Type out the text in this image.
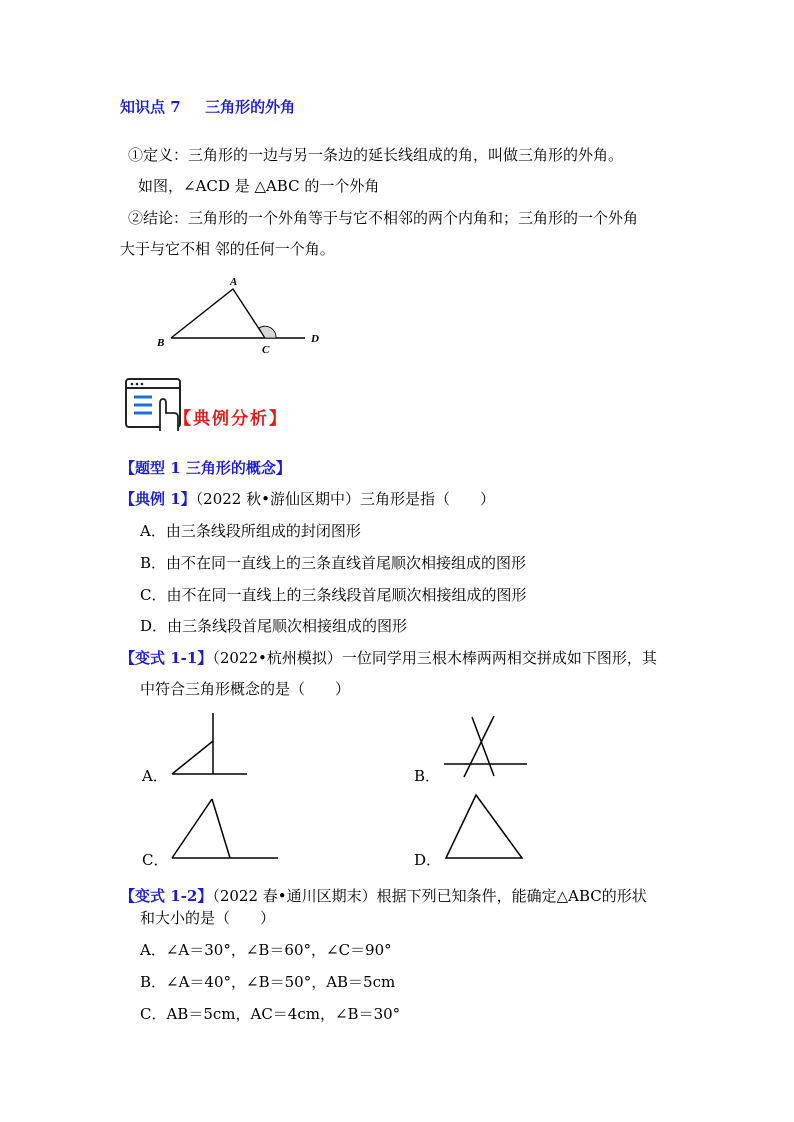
知识点 7 三角形的外角
①定义：三角形的一边与另一条边的延长线组成的角，叫做三角形的外角。
如图，∠ACD 是 △ABC 的一个外角
②结论：三角形的一个外角等于与它不相邻的两个内角和；三角形的一个外角
大于与它不相 邻的任何一个角。
A
B
C
D
【典例分析】
【题型 1 三角形的概念】
【典例 1】（2022 秋•游仙区期中）三角形是指（　　）
A．由三条线段所组成的封闭图形
B．由不在同一直线上的三条直线首尾顺次相接组成的图形
C．由不在同一直线上的三条线段首尾顺次相接组成的图形
D．由三条线段首尾顺次相接组成的图形
【变式 1-1】（2022•杭州模拟）一位同学用三根木棒两两相交拼成如下图形，其
中符合三角形概念的是（　　）
A．	B．
C．	D．
【变式 1-2】（2022 春•通川区期末）根据下列已知条件，能确定△ABC的形状
和大小的是（　　）
A．∠A＝30°，∠B＝60°，∠C＝90°
B．∠A＝40°，∠B＝50°，AB＝5cm
C．AB＝5cm，AC＝4cm，∠B＝30°
